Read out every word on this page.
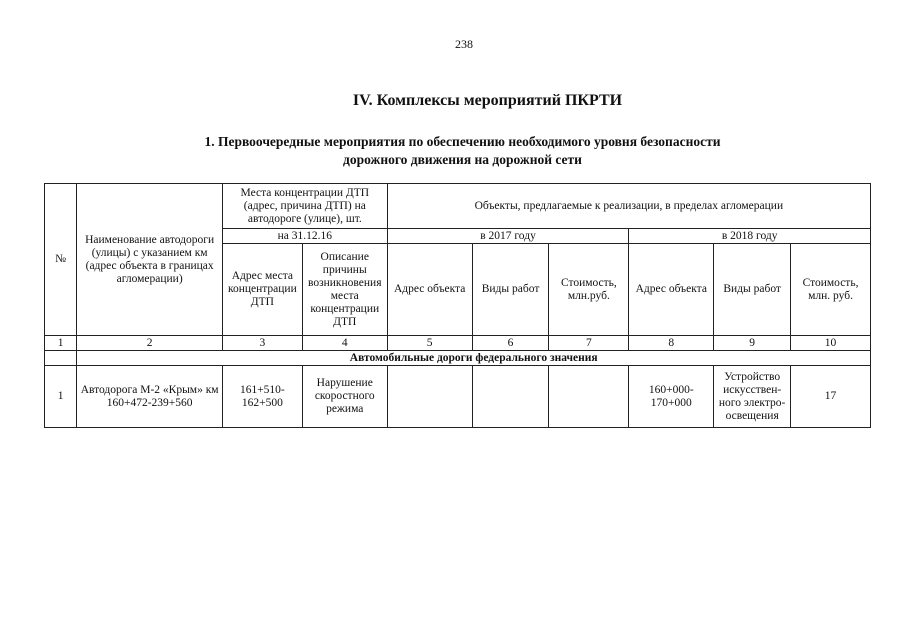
238
IV. Комплексы мероприятий ПКРТИ
1. Первоочередные мероприятия по обеспечению необходимого уровня безопасности
дорожного движения на дорожной сети
№	Наименование автодороги (улицы) с указанием км (адрес объекта в границах агломерации)	Места концентрации ДТП (адрес, причина ДТП) на автодороге (улице), шт.		Объекты, предлагаемые к реализации, в пределах агломерации					
		на 31.12.16		в 2017 году			в 2018 году		
		Адрес места концентрации ДТП	Описание причины возникновения места концентрации ДТП	Адрес объекта	Виды работ	Стоимость, млн.руб.	Адрес объекта	Виды работ	Стоимость, млн. руб.
1	2	3	4	5	6	7	8	9	10
	Автомобильные дороги федерального значения								
1	Автодорога М-2 «Крым» км 160+472-239+560	161+510-162+500	Нарушение скоростного режима				160+000-170+000	Устройство искусствен-ного электро-освещения	17
